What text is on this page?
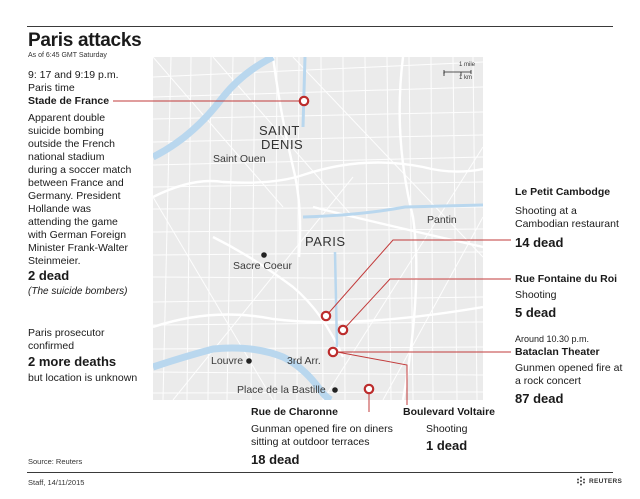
Paris attacks
As of 6:45 GMT Saturday
1 mile
1 km
SAINT
DENIS
Saint Ouen
PARIS
Pantin
Sacre Coeur
Louvre	3rd Arr.
Place de la Bastille
9: 17 and 9:19 p.m.
Paris time
Stade de France
Apparent double
suicide bombing
outside the French
national stadium
during a soccer match
between France and
Germany. President
Hollande was
attending the game
with German Foreign
Minister Frank-Walter
Steinmeier.
2 dead
(The suicide bombers)
Paris prosecutor
confirmed
2 more deaths
but location is unknown
Le Petit Cambodge
Shooting at a
Cambodian restaurant
14 dead
Rue Fontaine du Roi
Shooting
5 dead
Around 10.30 p.m.
Bataclan Theater
Gunmen opened fire at
a rock concert
87 dead
Rue de Charonne
Gunman opened fire on diners
sitting at outdoor terraces
18 dead
Boulevard Voltaire
Shooting
1 dead
Source: Reuters
Staff, 14/11/2015	REUTERS
